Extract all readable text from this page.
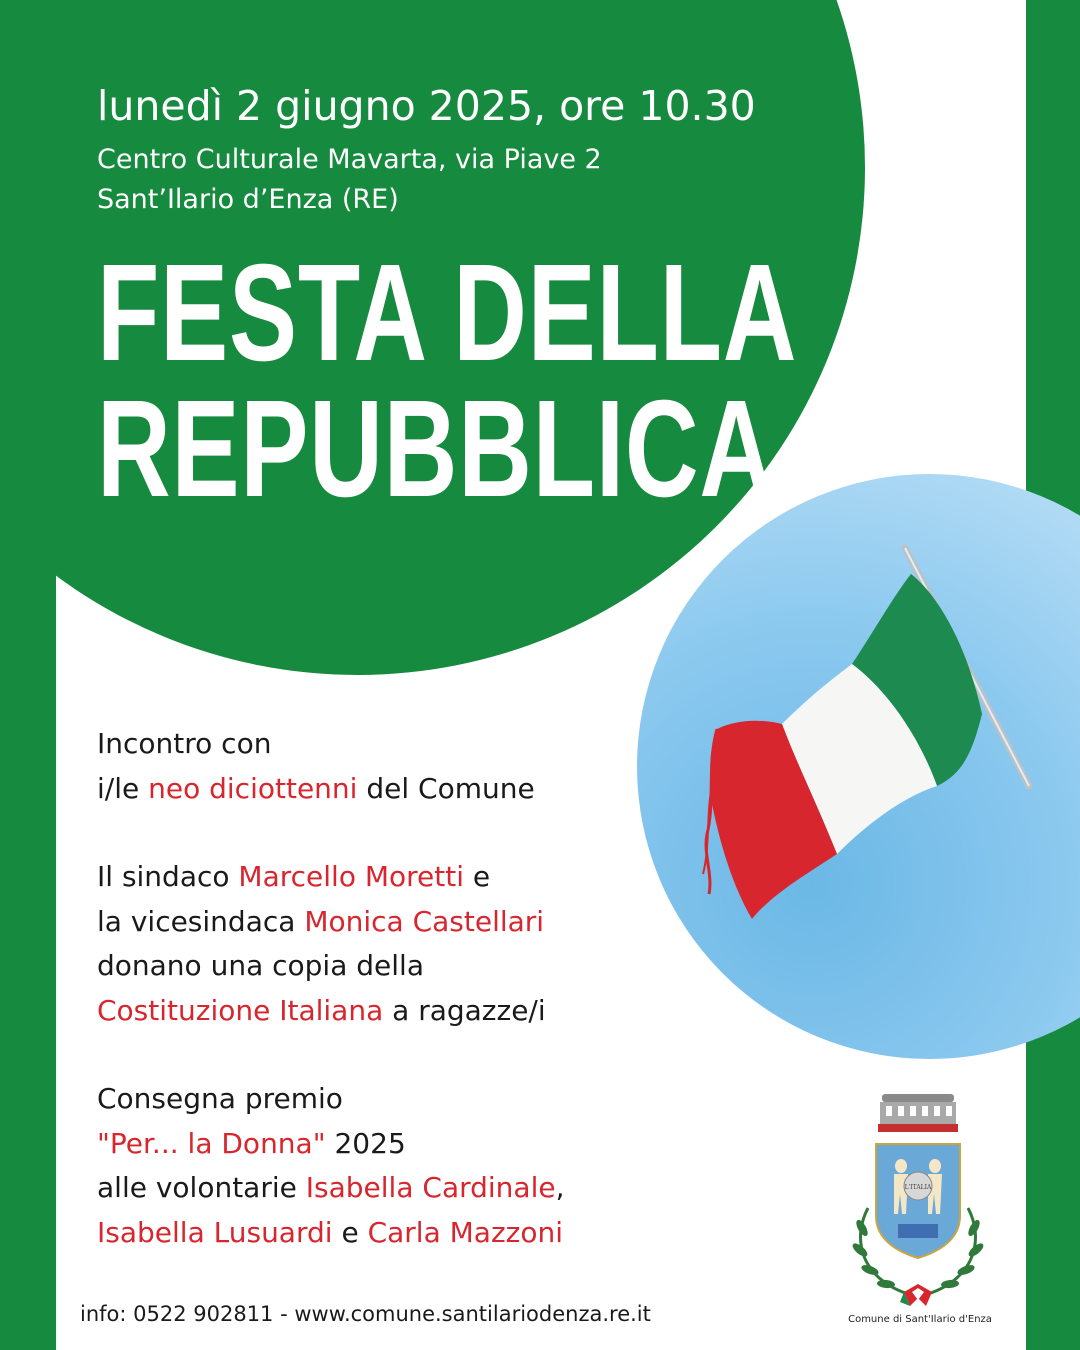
lunedì 2 giugno 2025, ore 10.30
Centro Culturale Mavarta, via Piave 2
Sant’Ilario d’Enza (RE)
FESTA DELLA
REPUBBLICA

Incontro con

i/le neo diciottenni del Comune

Il sindaco Marcello Moretti e

la vicesindaca Monica Castellari

donano una copia della

Costituzione Italiana a ragazze/i

Consegna premio

"Per... la Donna" 2025

alle volontarie Isabella Cardinale,

Isabella Lusuardi e Carla Mazzoni

info: 0522 902811 - www.comune.santilariodenza.re.it
L'ITALIA
Comune di Sant'Ilario d'Enza
